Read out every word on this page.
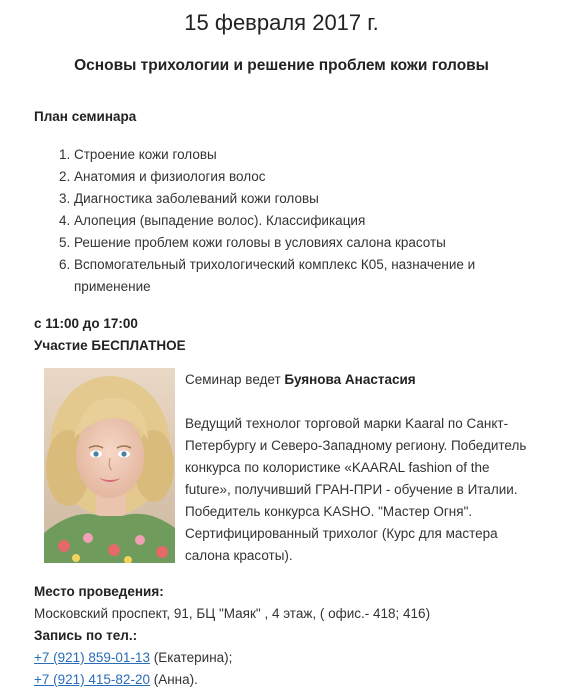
15 февраля 2017 г.
Основы трихологии и решение проблем кожи головы
План семинара
1. Строение кожи головы
2. Анатомия и физиология волос
3. Диагностика заболеваний кожи головы
4. Алопеция (выпадение волос). Классификация
5. Решение проблем кожи головы в условиях салона красоты
6. Вспомогательный трихологический комплекс К05, назначение и применение
с 11:00 до 17:00
Участие БЕСПЛАТНОЕ
Семинар ведет Буянова Анастасия
Ведущий технолог торговой марки Kaaral по Санкт-Петербургу и Северо-Западному региону. Победитель конкурса по колористике «KAARAL fashion of the future», получивший ГРАН-ПРИ - обучение в Италии. Победитель конкурса KASHO. "Мастер Огня". Сертифицированный трихолог (Курс для мастера салона красоты).
Место проведения:
Московский проспект, 91, БЦ "Маяк" , 4 этаж, ( офис.- 418; 416)
Запись по тел.:
+7 (921) 859-01-13 (Екатерина);
+7 (921) 415-82-20 (Анна).
